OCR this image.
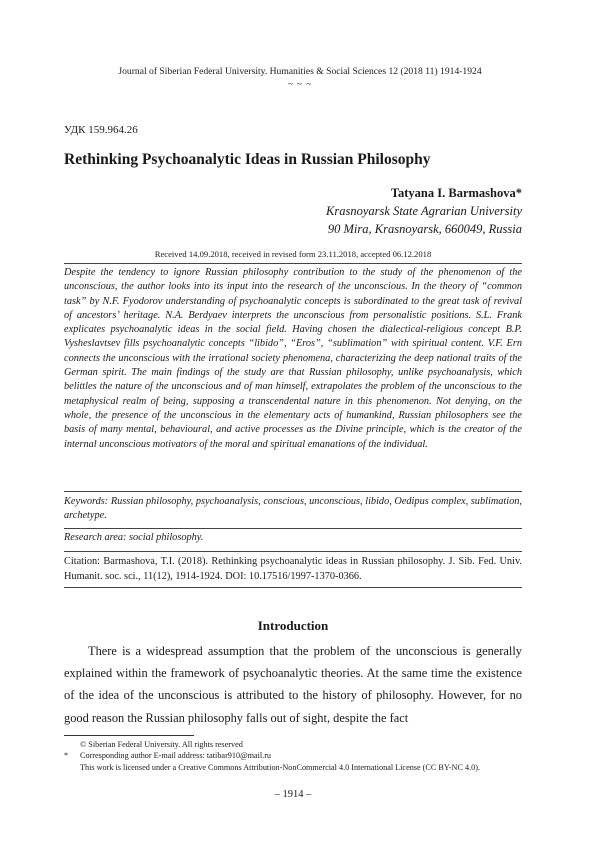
Journal of Siberian Federal University. Humanities & Social Sciences 12 (2018 11) 1914-1924
~ ~ ~
УДК 159.964.26
Rethinking Psychoanalytic Ideas in Russian Philosophy
Tatyana I. Barmashova*
Krasnoyarsk State Agrarian University
90 Mira, Krasnoyarsk, 660049, Russia
Received 14.09.2018, received in revised form 23.11.2018, accepted 06.12.2018
Despite the tendency to ignore Russian philosophy contribution to the study of the phenomenon of the unconscious, the author looks into its input into the research of the unconscious. In the theory of “common task” by N.F. Fyodorov understanding of psychoanalytic concepts is subordinated to the great task of revival of ancestors’ heritage. N.A. Berdyaev interprets the unconscious from personalistic positions. S.L. Frank explicates psychoanalytic ideas in the social field. Having chosen the dialectical-religious concept B.P. Vysheslavtsev fills psychoanalytic concepts “libido”, “Eros”, “sublimation” with spiritual content. V.F. Ern connects the unconscious with the irrational society phenomena, characterizing the deep national traits of the German spirit. The main findings of the study are that Russian philosophy, unlike psychoanalysis, which belittles the nature of the unconscious and of man himself, extrapolates the problem of the unconscious to the metaphysical realm of being, supposing a transcendental nature in this phenomenon. Not denying, on the whole, the presence of the unconscious in the elementary acts of humankind, Russian philosophers see the basis of many mental, behavioural, and active processes as the Divine principle, which is the creator of the internal unconscious motivators of the moral and spiritual emanations of the individual.
Keywords: Russian philosophy, psychoanalysis, conscious, unconscious, libido, Oedipus complex, sublimation, archetype.
Research area: social philosophy.
Citation: Barmashova, T.I. (2018). Rethinking psychoanalytic ideas in Russian philosophy. J. Sib. Fed. Univ. Humanit. soc. sci., 11(12), 1914-1924. DOI: 10.17516/1997-1370-0366.
Introduction

There is a widespread assumption that the problem of the unconscious is generally explained within the framework of psychoanalytic theories. At the same time the existence of the idea of the unconscious is attributed to the history of philosophy. However, for no good reason the Russian philosophy falls out of sight, despite the fact

© Siberian Federal University. All rights reserved
*	Corresponding author E-mail address: tatibar910@mail.ru
This work is licensed under a Creative Commons Attribution-NonCommercial 4.0 International License (CC BY-NC 4.0).
– 1914 –
